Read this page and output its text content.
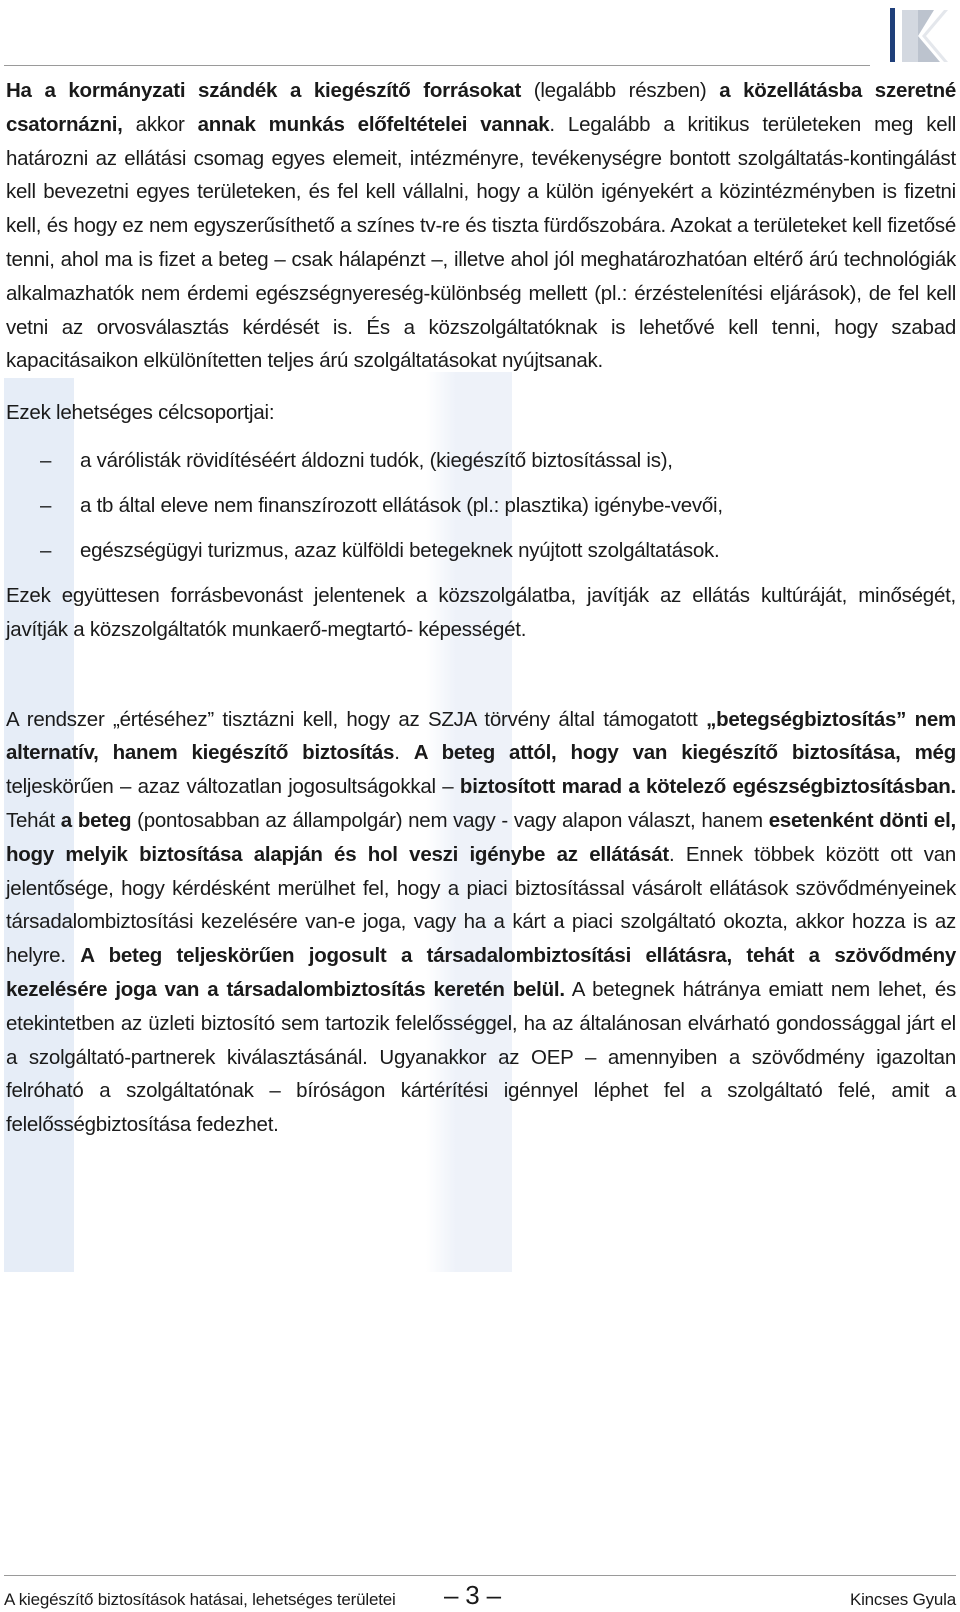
Ha a kormányzati szándék a kiegészítő forrásokat (legalább részben) a közellátásba szeretné csatornázni, akkor annak munkás előfeltételei vannak. Legalább a kritikus területeken meg kell határozni az ellátási csomag egyes elemeit, intézményre, tevékenységre bontott szolgáltatás-kontingálást kell bevezetni egyes területeken, és fel kell vállalni, hogy a külön igényekért a közintézményben is fizetni kell, és hogy ez nem egyszerűsíthető a színes tv-re és tiszta fürdőszobára. Azokat a területeket kell fizetősé tenni, ahol ma is fizet a beteg – csak hálapénzt –, illetve ahol jól meghatározhatóan eltérő árú technológiák alkalmazhatók nem érdemi egészségnyereség-különbség mellett (pl.: érzéstelenítési eljárások), de fel kell vetni az orvosválasztás kérdését is. És a közszolgáltatóknak is lehetővé kell tenni, hogy szabad kapacitásaikon elkülönítetten teljes árú szolgáltatásokat nyújtsanak.

Ezek lehetséges célcsoportjai:

– a várólisták rövidítéséért áldozni tudók, (kiegészítő biztosítással is),
– a tb által eleve nem finanszírozott ellátások (pl.: plasztika) igénybe-vevői,
– egészségügyi turizmus, azaz külföldi betegeknek nyújtott szolgáltatások.

Ezek együttesen forrásbevonást jelentenek a közszolgálatba, javítják az ellátás kultúráját, minőségét, javítják a közszolgáltatók munkaerő-megtartó- képességét.

A rendszer „értéséhez” tisztázni kell, hogy az SZJA törvény által támogatott „betegségbiztosítás” nem alternatív, hanem kiegészítő biztosítás. A beteg attól, hogy van kiegészítő biztosítása, még teljeskörűen – azaz változatlan jogosultságokkal – biztosított marad a kötelező egészségbiztosításban. Tehát a beteg (pontosabban az állampolgár) nem vagy - vagy alapon választ, hanem esetenként dönti el, hogy melyik biztosítása alapján és hol veszi igénybe az ellátását. Ennek többek között ott van jelentősége, hogy kérdésként merülhet fel, hogy a piaci biztosítással vásárolt ellátások szövődményeinek társadalombiztosítási kezelésére van-e joga, vagy ha a kárt a piaci szolgáltató okozta, akkor hozza is az helyre. A beteg teljeskörűen jogosult a társadalombiztosítási ellátásra, tehát a szövődmény kezelésére joga van a társadalombiztosítás keretén belül. A betegnek hátránya emiatt nem lehet, és etekintetben az üzleti biztosító sem tartozik felelősséggel, ha az általánosan elvárható gondossággal járt el a szolgáltató-partnerek kiválasztásánál. Ugyanakkor az OEP – amennyiben a szövődmény igazoltan felróható a szolgáltatónak – bíróságon kártérítési igénnyel léphet fel a szolgáltató felé, amit a felelősségbiztosítása fedezhet.

A kiegészítő biztosítások hatásai, lehetséges területei – 3 –	Kincses Gyula
